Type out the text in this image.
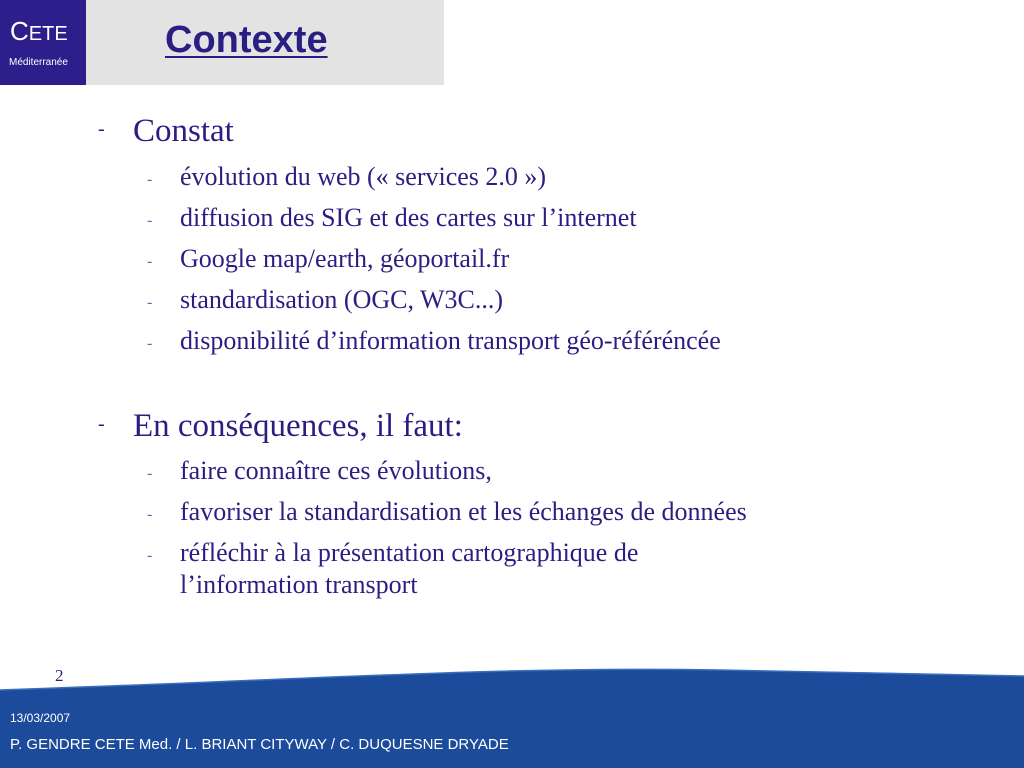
CETE
Méditerranée
Contexte
- Constat
- évolution du web (« services 2.0 »)
- diffusion des SIG et des cartes sur l’internet
- Google map/earth, géoportail.fr
- standardisation (OGC, W3C...)
- disponibilité d’information transport géo-référéncée
- En conséquences, il faut:
- faire connaître ces évolutions,
- favoriser la standardisation et les échanges de données
- réfléchir à la présentation cartographique de
l’information transport
2
13/03/2007
P. GENDRE CETE Med. / L. BRIANT CITYWAY / C. DUQUESNE DRYADE
